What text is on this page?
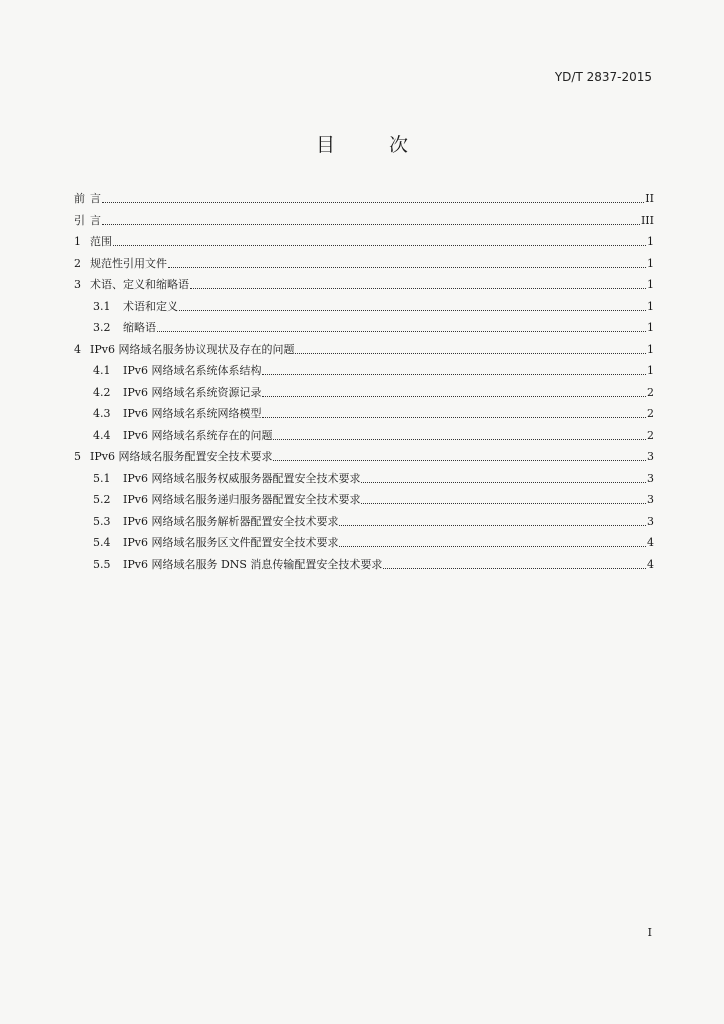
YD/T 2837-2015
目 次
前 言	II
引 言	III
1 范围	1
2 规范性引用文件	1
3 术语、定义和缩略语	1
3.1	术语和定义	1
3.2	缩略语	1
4 IPv6 网络域名服务协议现状及存在的问题	1
4.1	IPv6 网络域名系统体系结构	1
4.2	IPv6 网络域名系统资源记录	2
4.3	IPv6 网络域名系统网络模型	2
4.4	IPv6 网络域名系统存在的问题	2
5 IPv6 网络域名服务配置安全技术要求	3
5.1	IPv6 网络域名服务权威服务器配置安全技术要求	3
5.2	IPv6 网络域名服务递归服务器配置安全技术要求	3
5.3	IPv6 网络域名服务解析器配置安全技术要求	3
5.4	IPv6 网络域名服务区文件配置安全技术要求	4
5.5	IPv6 网络域名服务 DNS 消息传输配置安全技术要求	4
I
